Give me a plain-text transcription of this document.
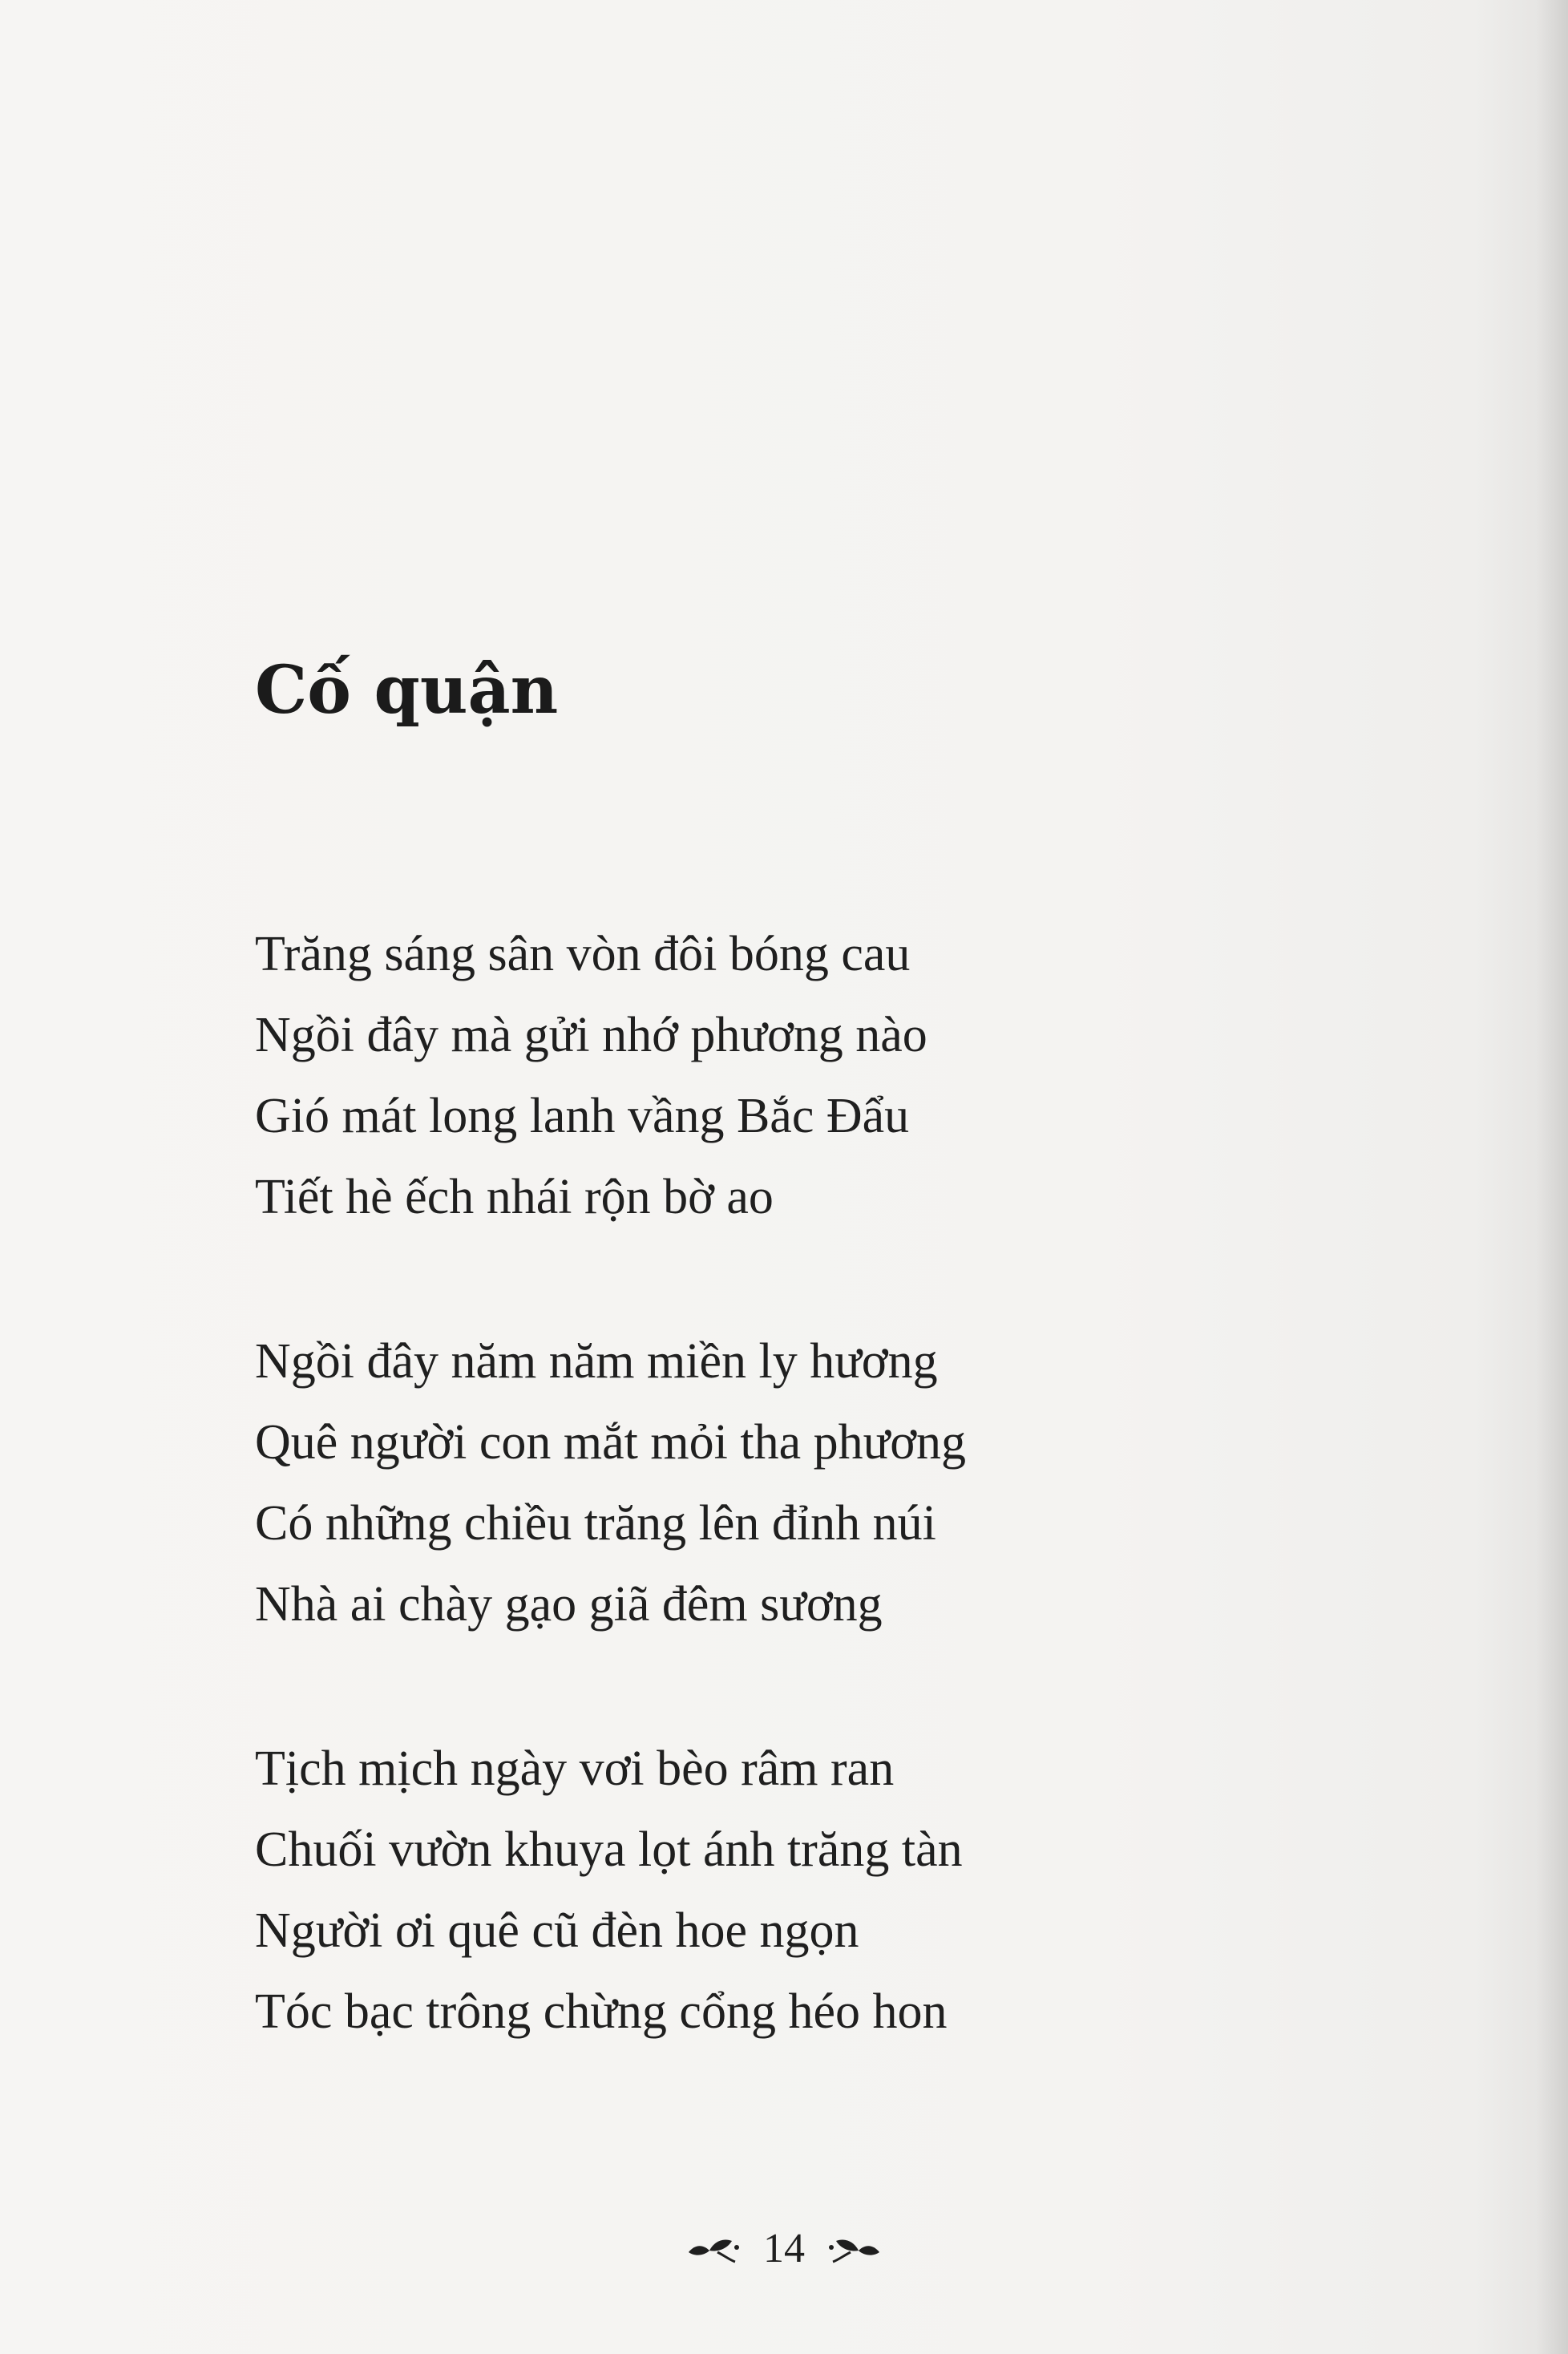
Cố quận
Trăng sáng sân vòn đôi bóng cau
Ngồi đây mà gửi nhớ phương nào
Gió mát long lanh vầng Bắc Đẩu
Tiết hè ếch nhái rộn bờ ao
Ngồi đây năm năm miền ly hương
Quê người con mắt mỏi tha phương
Có những chiều trăng lên đỉnh núi
Nhà ai chày gạo giã đêm sương
Tịch mịch ngày vơi bèo râm ran
Chuối vườn khuya lọt ánh trăng tàn
Người ơi quê cũ đèn hoe ngọn
Tóc bạc trông chừng cổng héo hon
14
